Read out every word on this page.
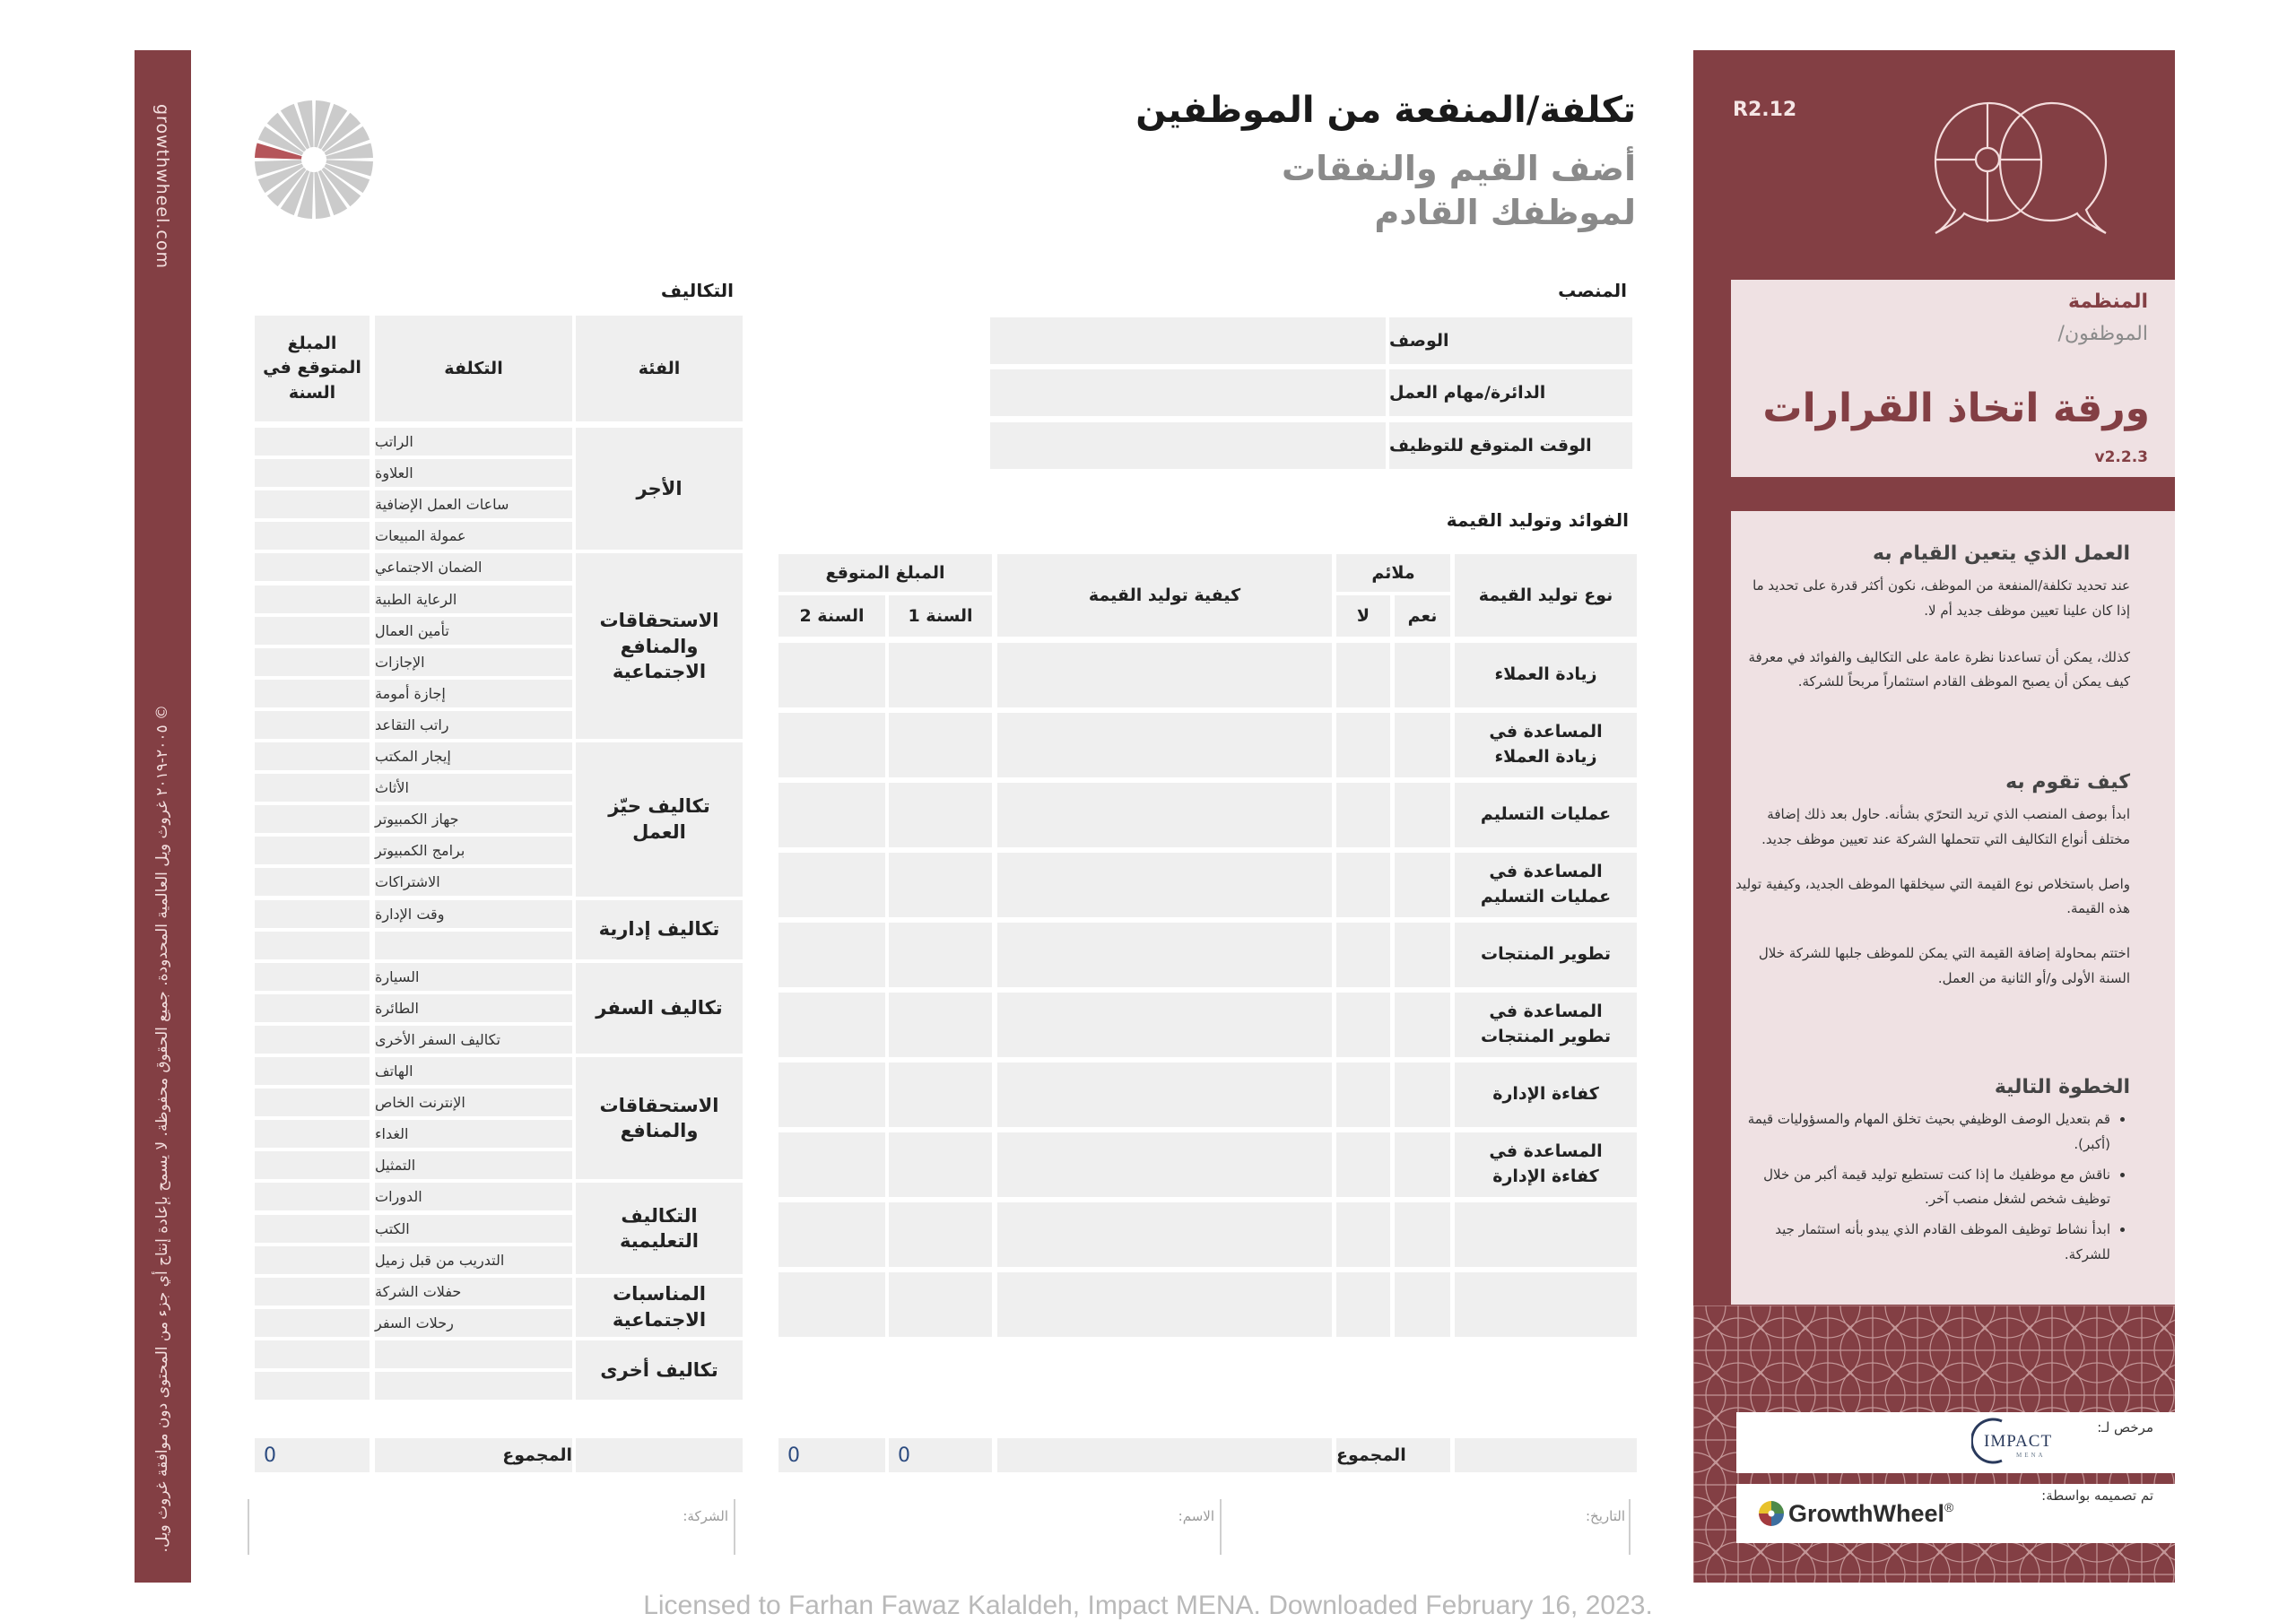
growthwheel.com
© ٢٠٠٥-٢٠١٩ غروث ويل العالمية المحدودة. جميع الحقوق محفوظة. لا يسمح بإعادة إنتاج أي جزء من المحتوى دون موافقة غروث ويل.
تكلفة/المنفعة من الموظفين
أضف القيم والنفقات لموظفك القادم
المنصب
الوصف
الدائرة/مهام العمل
الوقت المتوقع للتوظيف
الفوائد وتوليد القيمة
نوع توليد القيمة
ملائم
نعم
لا
كيفية توليد القيمة
المبلغ المتوقع
السنة 1
السنة 2
زيادة العملاء
المساعدة في زيادة العملاء
عمليات التسليم
المساعدة في عمليات التسليم
تطوير المنتجات
المساعدة في تطوير المنتجات
كفاءة الإدارة
المساعدة في كفاءة الإدارة
المجموع
0
0
التكاليف
الفئة
التكلفة
المبلغ المتوقع في السنة
الأجر
الراتب
العلاوة
ساعات العمل الإضافية
عمولة المبيعات
الاستحقاقات والمنافع الاجتماعية
الضمان الاجتماعي
الرعاية الطبية
تأمين العمال
الإجازات
إجازة أمومة
راتب التقاعد
تكاليف حيّز العمل
إيجار المكتب
الأثاث
جهاز الكمبيوتر
برامج الكمبيوتر
الاشتراكات
تكاليف إدارية
وقت الإدارة
تكاليف السفر
السيارة
الطائرة
تكاليف السفر الأخرى
الاستحقاقات والمنافع
الهاتف
الإنترنت الخاص
الغداء
التمثيل
التكاليف التعليمية
الدورات
الكتب
التدريب من قبل زميل
المناسبات الاجتماعية
حفلات الشركة
رحلات السفر
تكاليف أخرى
المجموع
0
التاريخ:
الاسم:
الشركة:
R2.12
المنظمة
/الموظفون
ورقة اتخاذ القرارات
v2.2.3
العمل الذي يتعين القيام به
عند تحديد تكلفة/المنفعة من الموظف، نكون أكثر قدرة على تحديد ما إذا كان علينا تعيين موظف جديد أم لا.
كذلك، يمكن أن تساعدنا نظرة عامة على التكاليف والفوائد في معرفة كيف يمكن أن يصبح الموظف القادم استثماراً مربحاً للشركة.
كيف تقوم به
ابدأ بوصف المنصب الذي تريد التحرّي بشأنه. حاول بعد ذلك إضافة مختلف أنواع التكاليف التي تتحملها الشركة عند تعيين موظف جديد.
واصل باستخلاص نوع القيمة التي سيخلقها الموظف الجديد، وكيفية توليد هذه القيمة.
اختتم بمحاولة إضافة القيمة التي يمكن للموظف جلبها للشركة خلال السنة الأولى و/أو الثانية من العمل.
الخطوة التالية
• قم بتعديل الوصف الوظيفي بحيث تخلق المهام والمسؤوليات قيمة (أكبر).
• ناقش مع موظفيك ما إذا كنت تستطيع توليد قيمة أكبر من خلال توظيف شخص لشغل منصب آخر.
• ابدأ نشاط توظيف الموظف القادم الذي يبدو بأنه استثمار جيد للشركة.
مرخص لـ:
IMPACT
MENA
تم تصميمه بواسطة:
GrowthWheel ®
Licensed to Farhan Fawaz Kalaldeh, Impact MENA. Downloaded February 16, 2023.
